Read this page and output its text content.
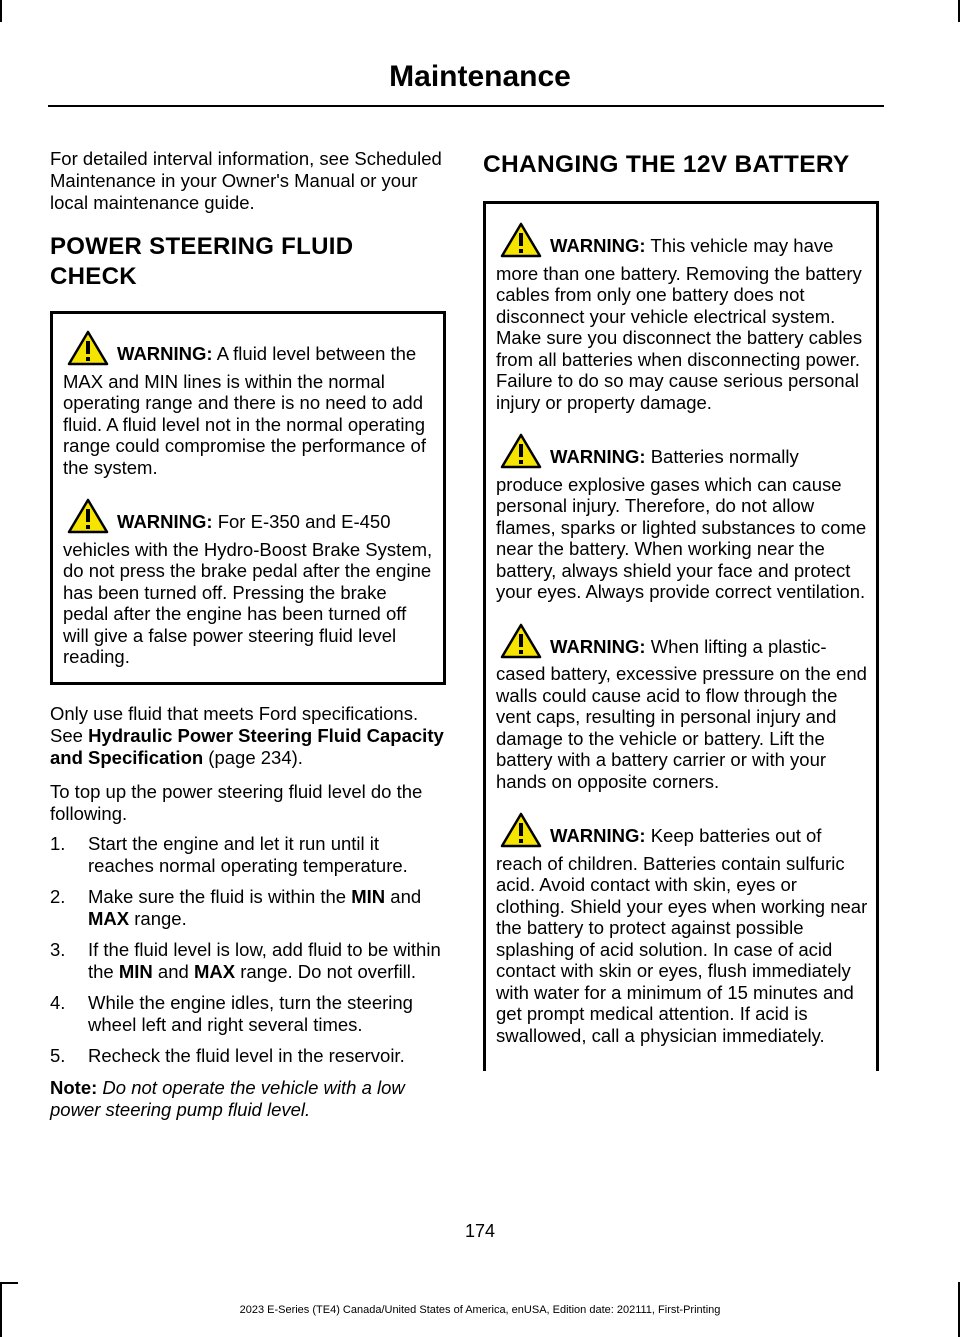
Maintenance

For detailed interval information, see Scheduled Maintenance in your Owner's Manual or your local maintenance guide.

POWER STEERING FLUID
CHECK

WARNING: A fluid level between the MAX and MIN lines is within the normal operating range and there is no need to add fluid. A fluid level not in the normal operating range could compromise the performance of the system.

WARNING: For E-350 and E-450 vehicles with the Hydro-Boost Brake System, do not press the brake pedal after the engine has been turned off. Pressing the brake pedal after the engine has been turned off will give a false power steering fluid level reading.

Only use fluid that meets Ford specifications. See Hydraulic Power Steering Fluid Capacity and Specification (page 234).

To top up the power steering fluid level do the following.

1. Start the engine and let it run until it reaches normal operating temperature.
2. Make sure the fluid is within the MIN and MAX range.
3. If the fluid level is low, add fluid to be within the MIN and MAX range. Do not overfill.
4. While the engine idles, turn the steering wheel left and right several times.
5. Recheck the fluid level in the reservoir.

Note: Do not operate the vehicle with a low power steering pump fluid level.

CHANGING THE 12V BATTERY

WARNING: This vehicle may have more than one battery. Removing the battery cables from only one battery does not disconnect your vehicle electrical system. Make sure you disconnect the battery cables from all batteries when disconnecting power. Failure to do so may cause serious personal injury or property damage.

WARNING: Batteries normally produce explosive gases which can cause personal injury. Therefore, do not allow flames, sparks or lighted substances to come near the battery. When working near the battery, always shield your face and protect your eyes. Always provide correct ventilation.

WARNING: When lifting a plastic-cased battery, excessive pressure on the end walls could cause acid to flow through the vent caps, resulting in personal injury and damage to the vehicle or battery. Lift the battery with a battery carrier or with your hands on opposite corners.

WARNING: Keep batteries out of reach of children. Batteries contain sulfuric acid. Avoid contact with skin, eyes or clothing. Shield your eyes when working near the battery to protect against possible splashing of acid solution. In case of acid contact with skin or eyes, flush immediately with water for a minimum of 15 minutes and get prompt medical attention. If acid is swallowed, call a physician immediately.

174
2023 E-Series (TE4) Canada/United States of America, enUSA, Edition date: 202111, First-Printing
